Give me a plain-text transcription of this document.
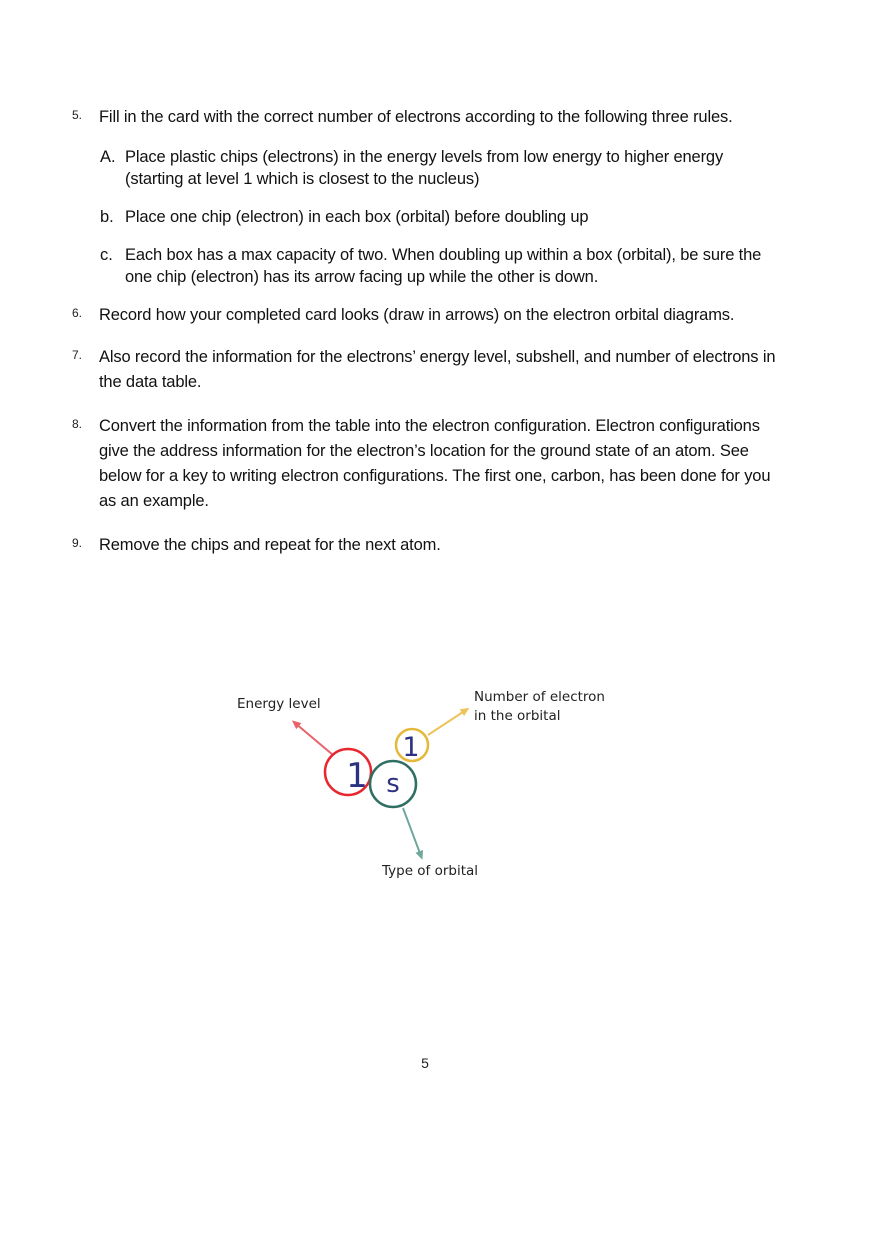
5. Fill in the card with the correct number of electrons according to the following three rules.
A. Place plastic chips (electrons) in the energy levels from low energy to higher energy (starting at level 1 which is closest to the nucleus)
b. Place one chip (electron) in each box (orbital) before doubling up
c. Each box has a max capacity of two. When doubling up within a box (orbital), be sure the one chip (electron) has its arrow facing up while the other is down.
6. Record how your completed card looks (draw in arrows) on the electron orbital diagrams.
7. Also record the information for the electrons’ energy level, subshell, and number of electrons in the data table.
8. Convert the information from the table into the electron configuration. Electron configurations give the address information for the electron’s location for the ground state of an atom. See below for a key to writing electron configurations. The first one, carbon, has been done for you as an example.
9. Remove the chips and repeat for the next atom.
1 s
1
Energy level	Number of electron
in the orbital
Type of orbital
5
